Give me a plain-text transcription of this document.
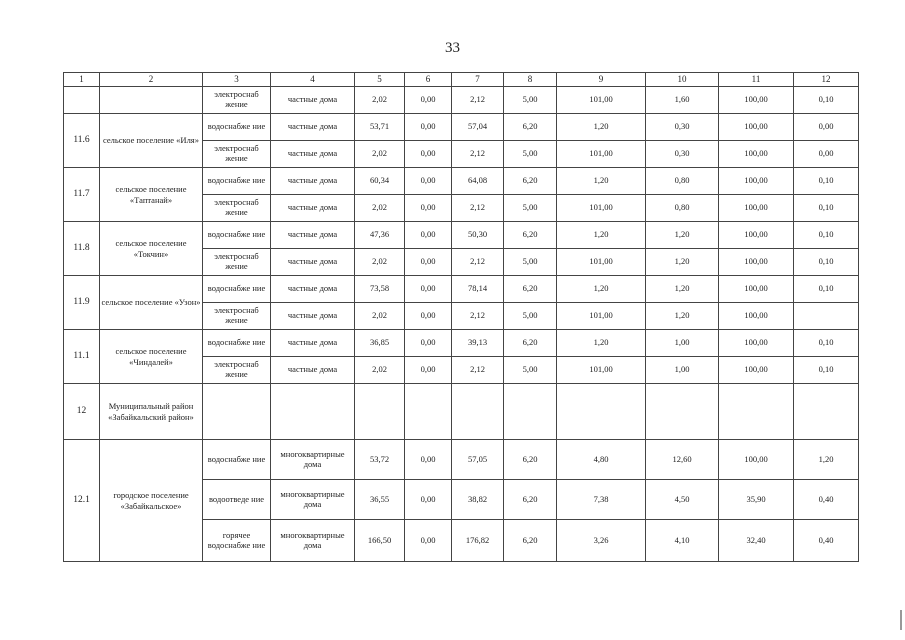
33
1	2	3	4	5	6	7	8	9	10	11	12
		электроснаб жение	частные дома	2,02	0,00	2,12	5,00	101,00	1,60	100,00	0,10
11.6	сельское поселение «Иля»	водоснабже ние	частные дома	53,71	0,00	57,04	6,20	1,20	0,30	100,00	0,00
		электроснаб жение	частные дома	2,02	0,00	2,12	5,00	101,00	0,30	100,00	0,00
11.7	сельское поселение «Таптанай»	водоснабже ние	частные дома	60,34	0,00	64,08	6,20	1,20	0,80	100,00	0,10
		электроснаб жение	частные дома	2,02	0,00	2,12	5,00	101,00	0,80	100,00	0,10
11.8	сельское поселение «Токчин»	водоснабже ние	частные дома	47,36	0,00	50,30	6,20	1,20	1,20	100,00	0,10
		электроснаб жение	частные дома	2,02	0,00	2,12	5,00	101,00	1,20	100,00	0,10
11.9	сельское поселение «Узон»	водоснабже ние	частные дома	73,58	0,00	78,14	6,20	1,20	1,20	100,00	0,10
		электроснаб жение	частные дома	2,02	0,00	2,12	5,00	101,00	1,20	100,00	
11.1	сельское поселение «Чиндалей»	водоснабже ние	частные дома	36,85	0,00	39,13	6,20	1,20	1,00	100,00	0,10
		электроснаб жение	частные дома	2,02	0,00	2,12	5,00	101,00	1,00	100,00	0,10
12	Муниципальный район «Забайкальский район»										
12.1	городское поселение «Забайкальское»	водоснабже ние	многоквартирные дома	53,72	0,00	57,05	6,20	4,80	12,60	100,00	1,20
		водоотведе ние	многоквартирные дома	36,55	0,00	38,82	6,20	7,38	4,50	35,90	0,40
		горячее водоснабже ние	многоквартирные дома	166,50	0,00	176,82	6,20	3,26	4,10	32,40	0,40
